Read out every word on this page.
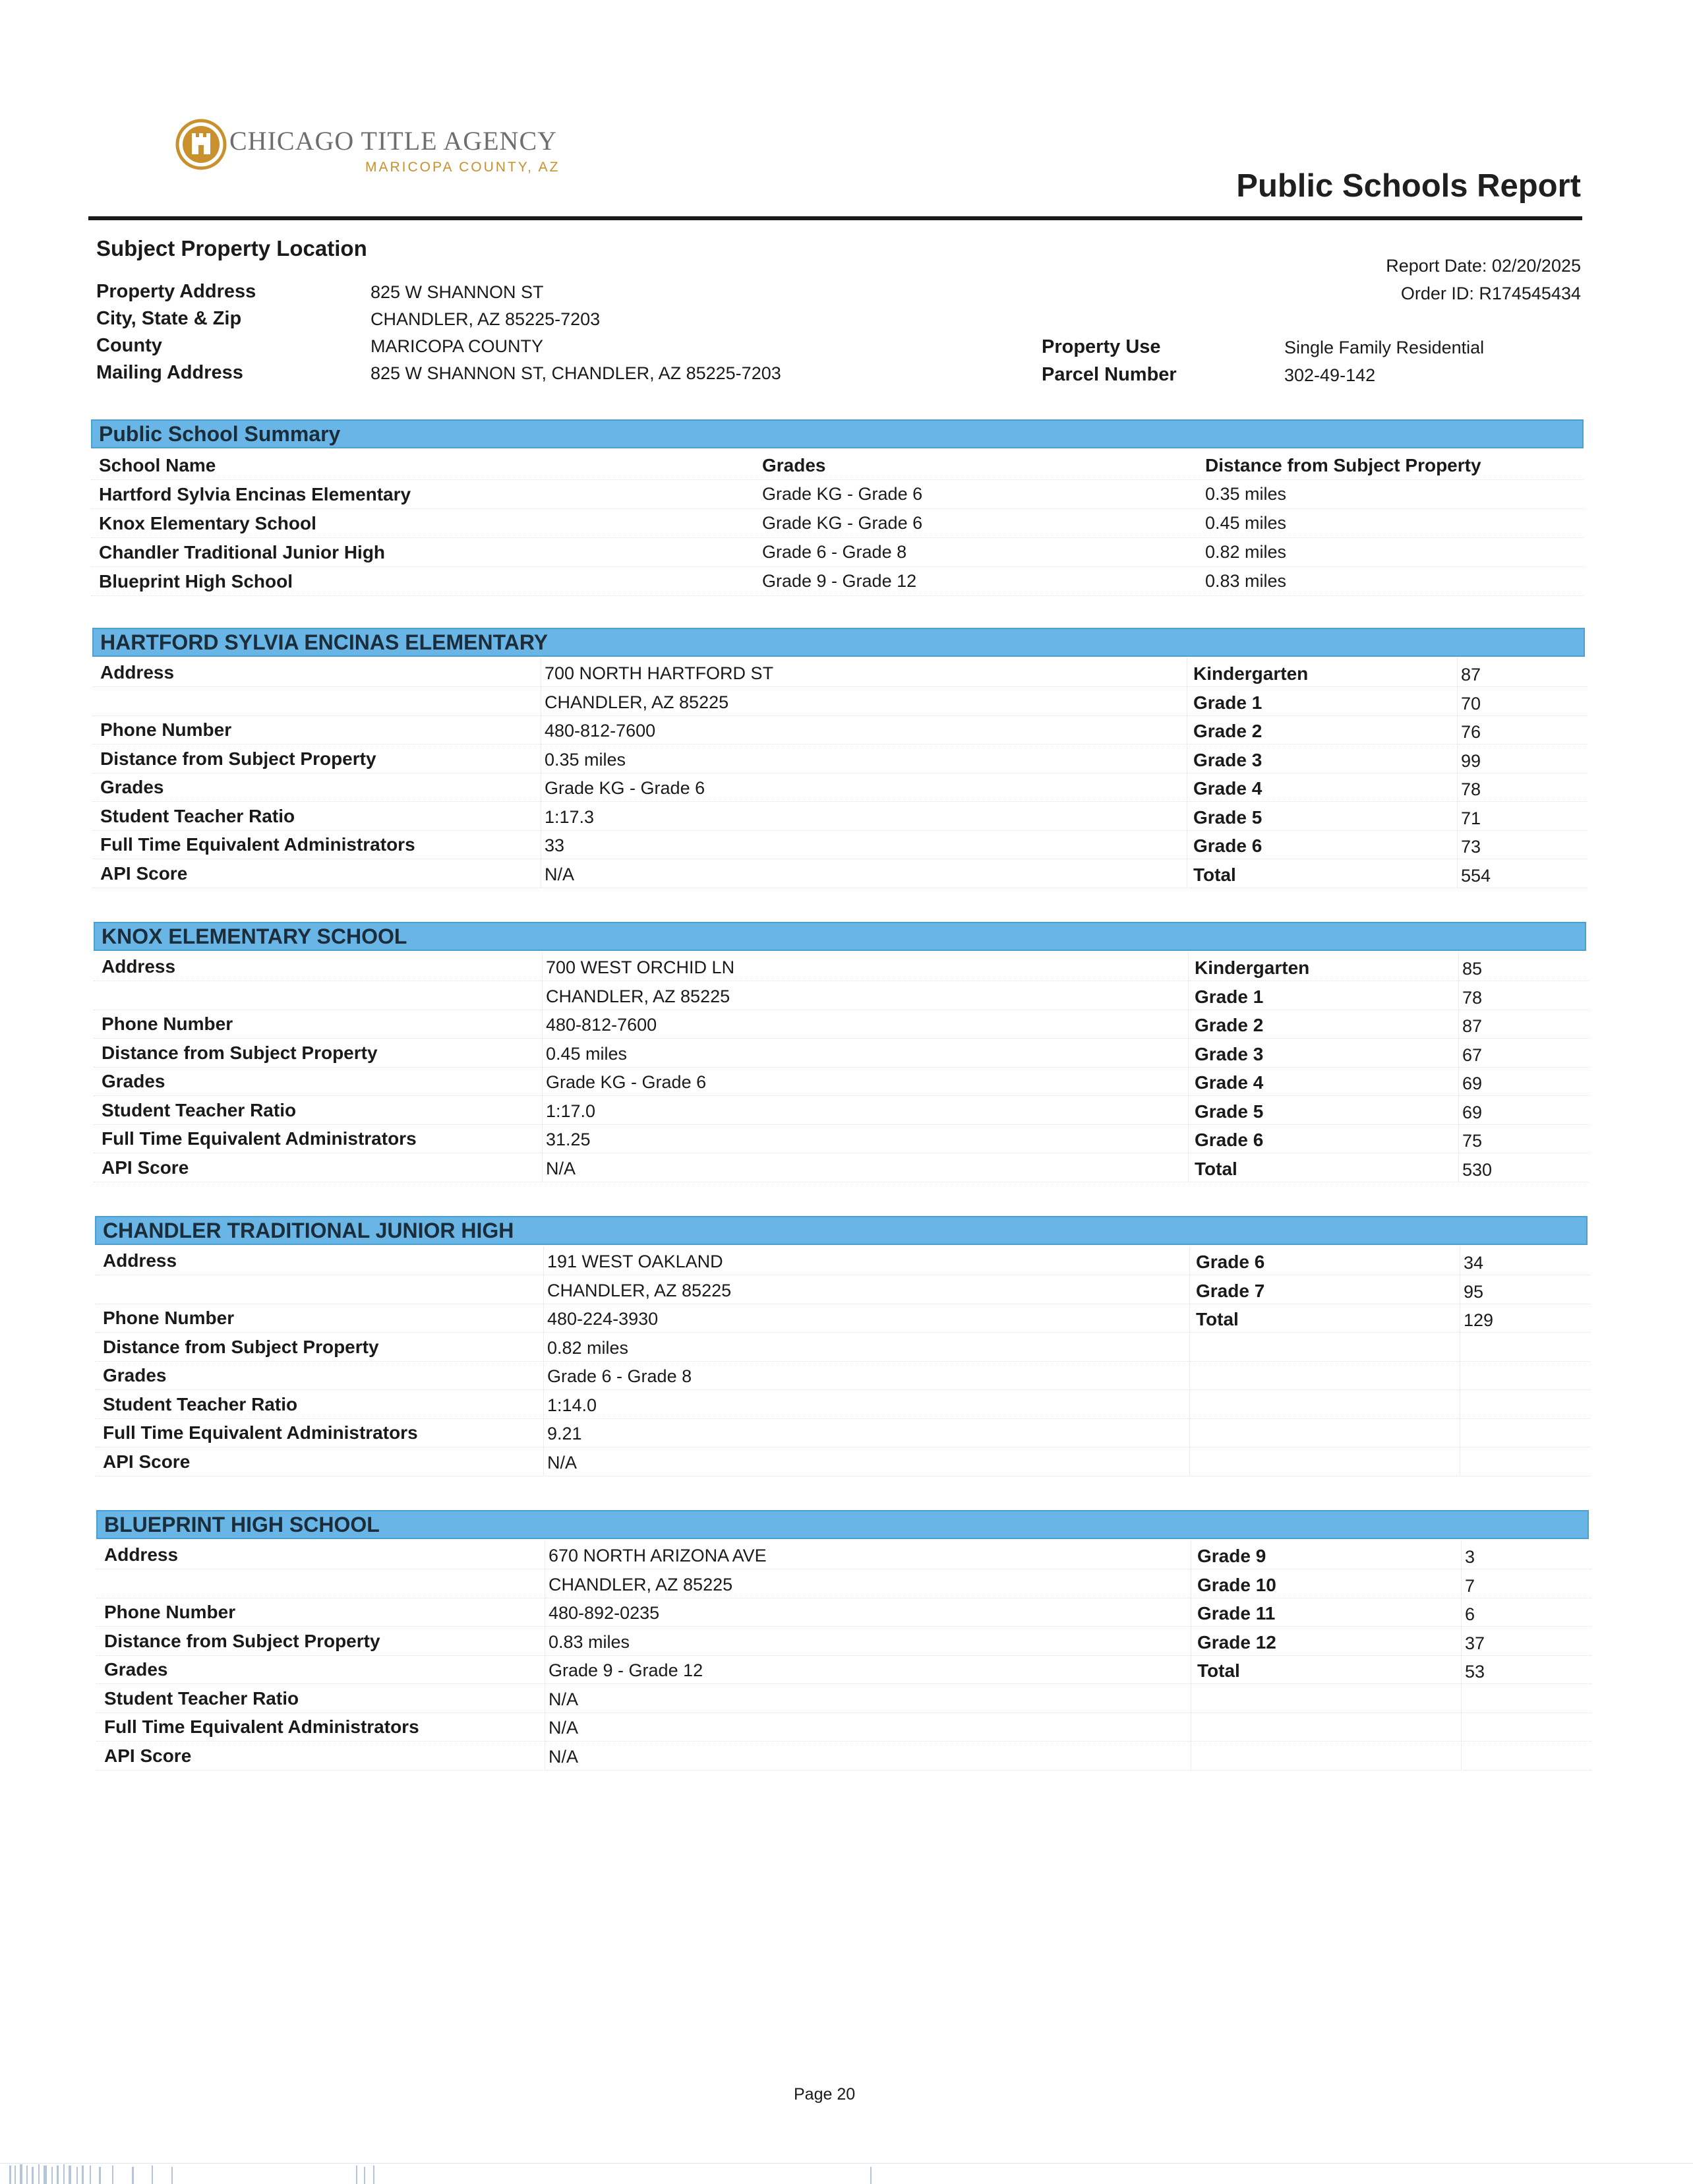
CHICAGO TITLE AGENCY
MARICOPA COUNTY, AZ
Public Schools Report
Subject Property Location
Report Date: 02/20/2025
Order ID: R174545434
Property Address	825 W SHANNON ST
City, State & Zip	CHANDLER, AZ 85225-7203
County	MARICOPA COUNTY
Mailing Address	825 W SHANNON ST, CHANDLER, AZ 85225-7203
Property Use	Single Family Residential
Parcel Number	302-49-142
Public School Summary
School Name	Grades	Distance from Subject Property
Hartford Sylvia Encinas Elementary	Grade KG - Grade 6	0.35 miles
Knox Elementary School	Grade KG - Grade 6	0.45 miles
Chandler Traditional Junior High	Grade 6 - Grade 8	0.82 miles
Blueprint High School	Grade 9 - Grade 12	0.83 miles
HARTFORD SYLVIA ENCINAS ELEMENTARY
Address	700 NORTH HARTFORD ST	Kindergarten	87
CHANDLER, AZ 85225	Grade 1	70
Phone Number	480-812-7600	Grade 2	76
Distance from Subject Property	0.35 miles	Grade 3	99
Grades	Grade KG - Grade 6	Grade 4	78
Student Teacher Ratio	1:17.3	Grade 5	71
Full Time Equivalent Administrators	33	Grade 6	73
API Score	N/A	Total	554
KNOX ELEMENTARY SCHOOL
Address	700 WEST ORCHID LN	Kindergarten	85
CHANDLER, AZ 85225	Grade 1	78
Phone Number	480-812-7600	Grade 2	87
Distance from Subject Property	0.45 miles	Grade 3	67
Grades	Grade KG - Grade 6	Grade 4	69
Student Teacher Ratio	1:17.0	Grade 5	69
Full Time Equivalent Administrators	31.25	Grade 6	75
API Score	N/A	Total	530
CHANDLER TRADITIONAL JUNIOR HIGH
Address	191 WEST OAKLAND	Grade 6	34
CHANDLER, AZ 85225	Grade 7	95
Phone Number	480-224-3930	Total	129
Distance from Subject Property	0.82 miles
Grades	Grade 6 - Grade 8
Student Teacher Ratio	1:14.0
Full Time Equivalent Administrators	9.21
API Score	N/A
BLUEPRINT HIGH SCHOOL
Address	670 NORTH ARIZONA AVE	Grade 9	3
CHANDLER, AZ 85225	Grade 10	7
Phone Number	480-892-0235	Grade 11	6
Distance from Subject Property	0.83 miles	Grade 12	37
Grades	Grade 9 - Grade 12	Total	53
Student Teacher Ratio	N/A
Full Time Equivalent Administrators	N/A
API Score	N/A
Page 20
